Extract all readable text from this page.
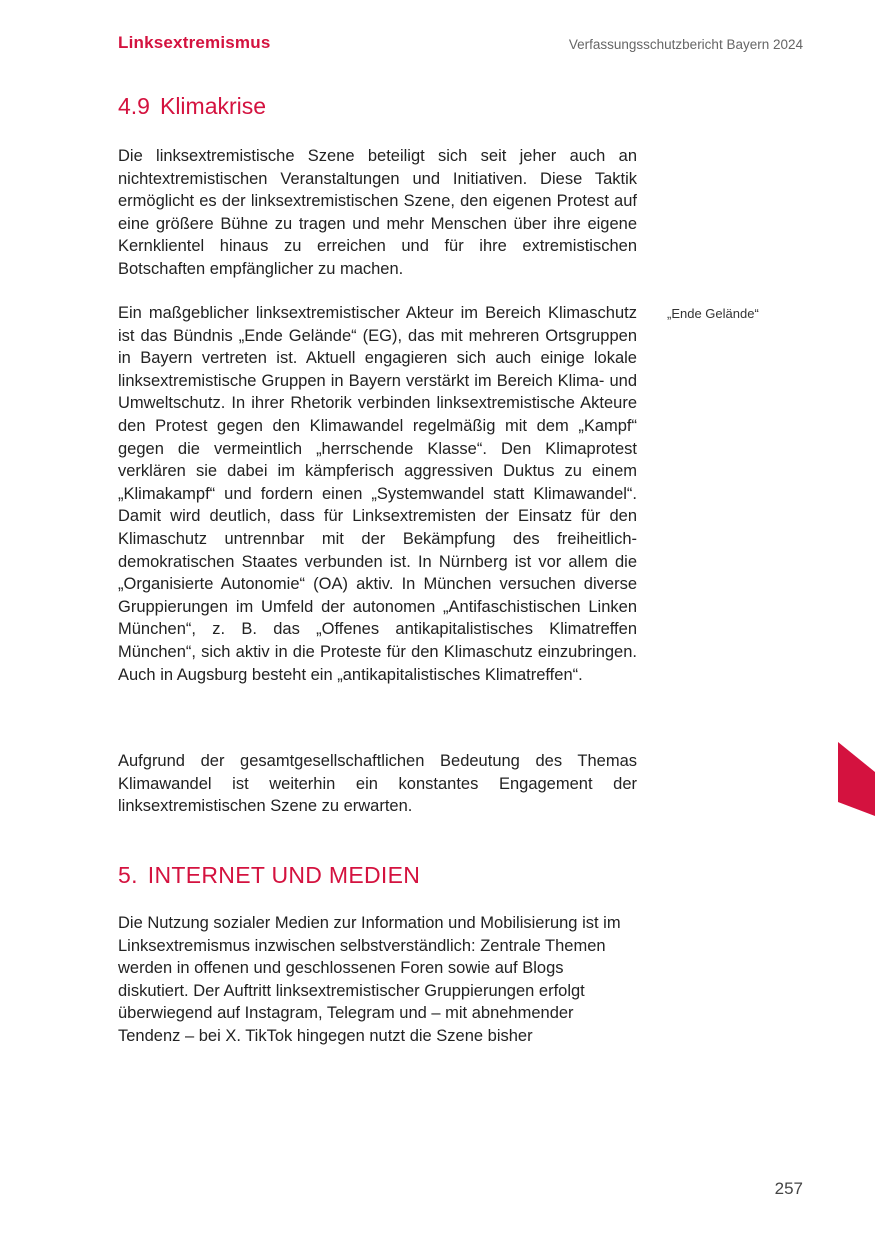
Linksextremismus	Verfassungsschutzbericht Bayern 2024
4.9 Klimakrise

Die linksextremistische Szene beteiligt sich seit jeher auch an nichtextremistischen Veranstaltungen und Initiativen. Diese Taktik ermöglicht es der linksextremistischen Szene, den eigenen Protest auf eine größere Bühne zu tragen und mehr Menschen über ihre eigene Kernklientel hinaus zu erreichen und für ihre extremistischen Botschaften empfänglicher zu machen.

Ein maßgeblicher linksextremistischer Akteur im Bereich Klimaschutz ist das Bündnis „Ende Gelände“ (EG), das mit mehreren Ortsgruppen in Bayern vertreten ist. Aktuell engagieren sich auch einige lokale linksextremistische Gruppen in Bayern verstärkt im Bereich Klima- und Umweltschutz. In ihrer Rhetorik verbinden linksextremistische Akteure den Protest gegen den Klimawandel regelmäßig mit dem „Kampf“ gegen die vermeintlich „herrschende Klasse“. Den Klimaprotest verklären sie dabei im kämpferisch aggressiven Duktus zu einem „Klimakampf“ und fordern einen „Systemwandel statt Klimawandel“. Damit wird deutlich, dass für Linksextremisten der Einsatz für den Klimaschutz untrennbar mit der Bekämpfung des freiheitlich-demokratischen Staates verbunden ist. In Nürnberg ist vor allem die „Organisierte Autonomie“ (OA) aktiv. In München versuchen diverse Gruppierungen im Umfeld der autonomen „Antifaschistischen Linken München“, z. B. das „Offenes antikapitalistisches Klimatreffen München“, sich aktiv in die Proteste für den Klimaschutz einzubringen. Auch in Augsburg besteht ein „antikapitalistisches Klimatreffen“.

„Ende Gelände“

Aufgrund der gesamtgesellschaftlichen Bedeutung des Themas Klimawandel ist weiterhin ein konstantes Engagement der linksextremistischen Szene zu erwarten.

5. INTERNET UND MEDIEN

Die Nutzung sozialer Medien zur Information und Mobilisierung ist im Linksextremismus inzwischen selbstverständlich: Zentrale Themen werden in offenen und geschlossenen Foren sowie auf Blogs diskutiert. Der Auftritt linksextremistischer Gruppierungen erfolgt überwiegend auf Instagram, Telegram und – mit abnehmender Tendenz – bei X. TikTok hingegen nutzt die Szene bisher

257
